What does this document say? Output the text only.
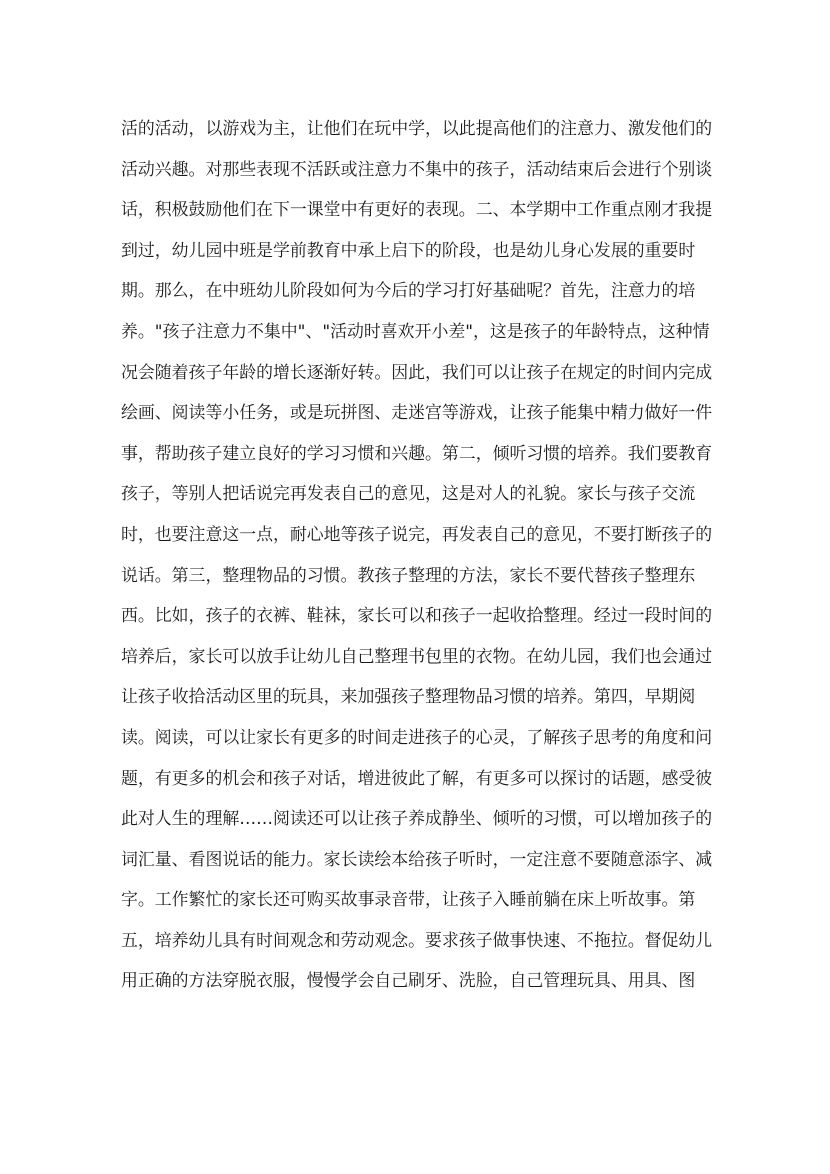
活的活动，以游戏为主，让他们在玩中学，以此提高他们的注意力、激发他们的
活动兴趣。对那些表现不活跃或注意力不集中的孩子，活动结束后会进行个别谈
话，积极鼓励他们在下一课堂中有更好的表现。二、本学期中工作重点刚才我提
到过，幼儿园中班是学前教育中承上启下的阶段，也是幼儿身心发展的重要时
期。那么，在中班幼儿阶段如何为今后的学习打好基础呢？首先，注意力的培
养。"孩子注意力不集中"、"活动时喜欢开小差"，这是孩子的年龄特点，这种情
况会随着孩子年龄的增长逐渐好转。因此，我们可以让孩子在规定的时间内完成
绘画、阅读等小任务，或是玩拼图、走迷宫等游戏，让孩子能集中精力做好一件
事，帮助孩子建立良好的学习习惯和兴趣。第二，倾听习惯的培养。我们要教育
孩子，等别人把话说完再发表自己的意见，这是对人的礼貌。家长与孩子交流
时，也要注意这一点，耐心地等孩子说完，再发表自己的意见，不要打断孩子的
说话。第三，整理物品的习惯。教孩子整理的方法，家长不要代替孩子整理东
西。比如，孩子的衣裤、鞋袜，家长可以和孩子一起收拾整理。经过一段时间的
培养后，家长可以放手让幼儿自己整理书包里的衣物。在幼儿园，我们也会通过
让孩子收拾活动区里的玩具，来加强孩子整理物品习惯的培养。第四，早期阅
读。阅读，可以让家长有更多的时间走进孩子的心灵，了解孩子思考的角度和问
题，有更多的机会和孩子对话，增进彼此了解，有更多可以探讨的话题，感受彼
此对人生的理解……阅读还可以让孩子养成静坐、倾听的习惯，可以增加孩子的
词汇量、看图说话的能力。家长读绘本给孩子听时，一定注意不要随意添字、减
字。工作繁忙的家长还可购买故事录音带，让孩子入睡前躺在床上听故事。第
五，培养幼儿具有时间观念和劳动观念。要求孩子做事快速、不拖拉。督促幼儿
用正确的方法穿脱衣服，慢慢学会自己刷牙、洗脸，自己管理玩具、用具、图
